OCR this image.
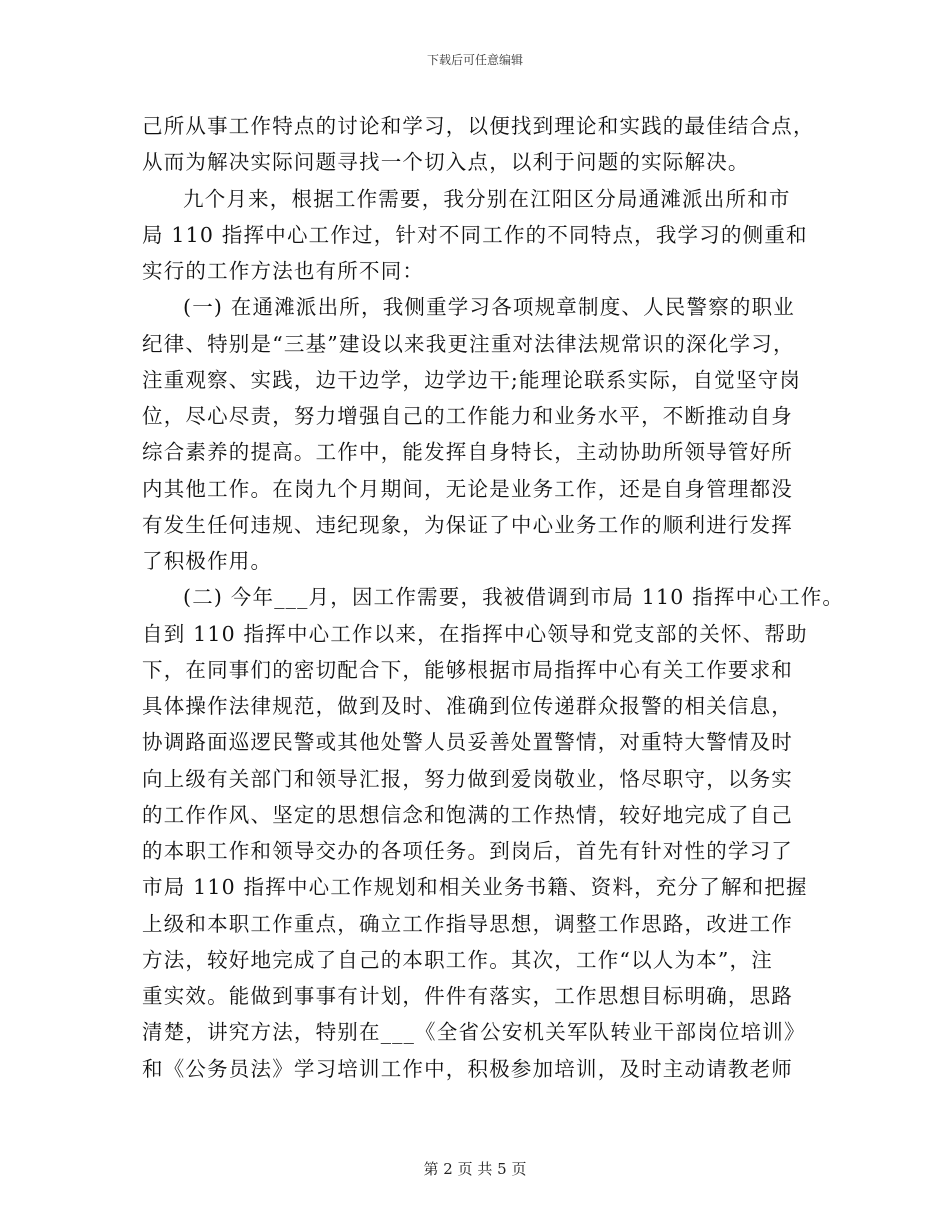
下载后可任意编辑
己所从事工作特点的讨论和学习，以便找到理论和实践的最佳结合点，
从而为解决实际问题寻找一个切入点，以利于问题的实际解决。
九个月来，根据工作需要，我分别在江阳区分局通滩派出所和市
局 110 指挥中心工作过，针对不同工作的不同特点，我学习的侧重和
实行的工作方法也有所不同：
(一) 在通滩派出所，我侧重学习各项规章制度、人民警察的职业
纪律、特别是“三基”建设以来我更注重对法律法规常识的深化学习，
注重观察、实践，边干边学，边学边干;能理论联系实际，自觉坚守岗
位，尽心尽责，努力增强自己的工作能力和业务水平，不断推动自身
综合素养的提高。工作中，能发挥自身特长，主动协助所领导管好所
内其他工作。在岗九个月期间，无论是业务工作，还是自身管理都没
有发生任何违规、违纪现象，为保证了中心业务工作的顺利进行发挥
了积极作用。
(二) 今年___月，因工作需要，我被借调到市局 110 指挥中心工作。
自到 110 指挥中心工作以来，在指挥中心领导和党支部的关怀、帮助
下，在同事们的密切配合下，能够根据市局指挥中心有关工作要求和
具体操作法律规范，做到及时、准确到位传递群众报警的相关信息，
协调路面巡逻民警或其他处警人员妥善处置警情，对重特大警情及时
向上级有关部门和领导汇报，努力做到爱岗敬业，恪尽职守，以务实
的工作作风、坚定的思想信念和饱满的工作热情，较好地完成了自己
的本职工作和领导交办的各项任务。到岗后，首先有针对性的学习了
市局 110 指挥中心工作规划和相关业务书籍、资料，充分了解和把握
上级和本职工作重点，确立工作指导思想，调整工作思路，改进工作
方法，较好地完成了自己的本职工作。其次，工作“以人为本”，注
重实效。能做到事事有计划，件件有落实，工作思想目标明确，思路
清楚，讲究方法，特别在___《全省公安机关军队转业干部岗位培训》
和《公务员法》学习培训工作中，积极参加培训，及时主动请教老师
第 2 页 共 5 页
